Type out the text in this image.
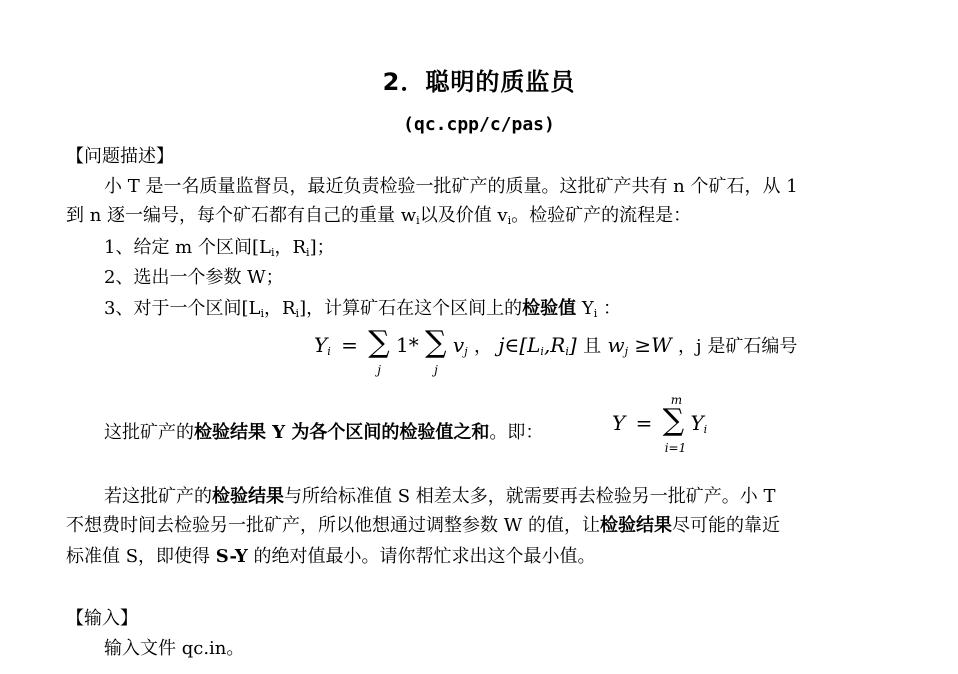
2．聪明的质监员
(qc.cpp/c/pas)
【问题描述】
小 T 是一名质量监督员，最近负责检验一批矿产的质量。这批矿产共有 n 个矿石，从 1
到 n 逐一编号，每个矿石都有自己的重量 $w_i$以及价值 $v_i$。检验矿产的流程是：
1、给定 m 个区间[$L_i$，$R_i$]；
2、选出一个参数 W；
3、对于一个区间[$L_i$，$R_i$]，计算矿石在这个区间上的检验值 $Y_i$ ：
$Y_i$ = ∑
j
1* ∑
j
$v_j$ ， $j\in[L_i,R_i]$ 且 $w_j \ge W$ ，j 是矿石编号
这批矿产的检验结果 Y 为各个区间的检验值之和。即：	Y =
m
∑
i=1
$Y_i$
若这批矿产的检验结果与所给标准值 S 相差太多，就需要再去检验另一批矿产。小 T
不想费时间去检验另一批矿产，所以他想通过调整参数 W 的值，让检验结果尽可能的靠近
标准值 S，即使得 S-Y 的绝对值最小。请你帮忙求出这个最小值。
【输入】
输入文件 qc.in。
